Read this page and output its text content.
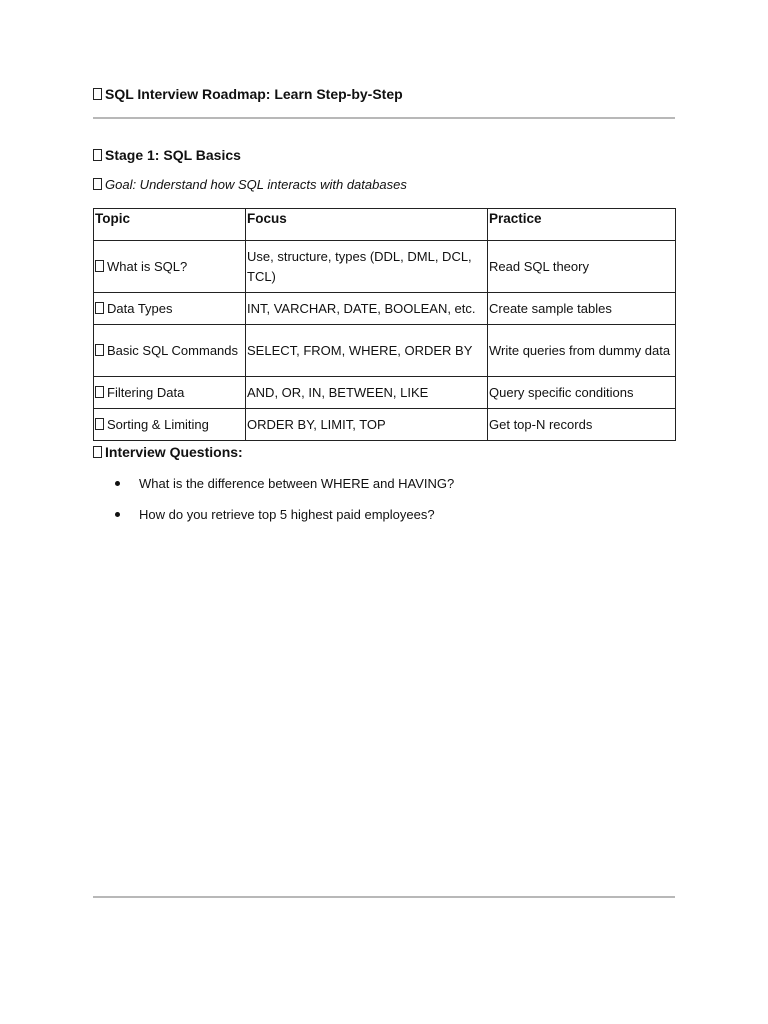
SQL Interview Roadmap: Learn Step-by-Step
Stage 1: SQL Basics
Goal: Understand how SQL interacts with databases
Topic	Focus	Practice
What is SQL?	Use, structure, types (DDL, DML, DCL, TCL)	Read SQL theory
Data Types	INT, VARCHAR, DATE, BOOLEAN, etc.	Create sample tables
Basic SQL Commands	SELECT, FROM, WHERE, ORDER BY	Write queries from dummy data
Filtering Data	AND, OR, IN, BETWEEN, LIKE	Query specific conditions
Sorting & Limiting	ORDER BY, LIMIT, TOP	Get top-N records
Interview Questions:
What is the difference between WHERE and HAVING?
How do you retrieve top 5 highest paid employees?
